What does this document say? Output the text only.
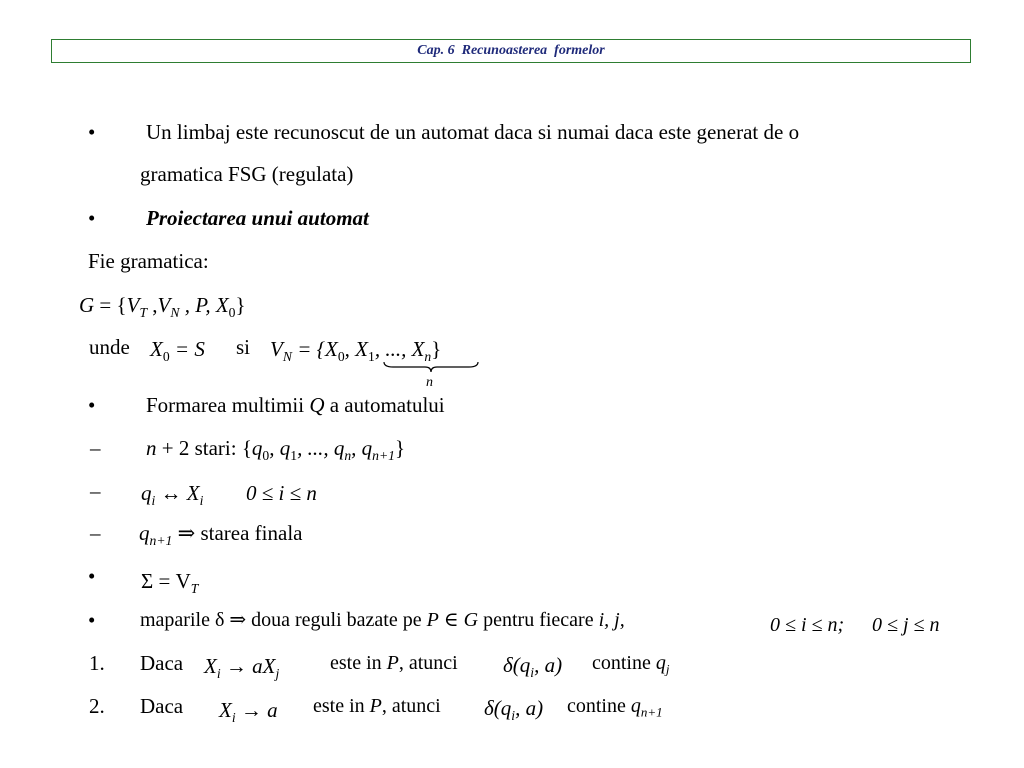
Cap. 6  Recunoasterea  formelor
• Un limbaj este recunoscut de un automat daca si numai daca este generat de o
gramatica FSG (regulata)
• Proiectarea unui automat
Fie gramatica:
$G = \{V_T$ $,V_N$ , P, $X_0$}
unde $X_0 = S$ si $V_N = \{X_0$, $X_1$, ..., $X_n$}
n
• Formarea multimii Q a automatului
– n + 2 stari: {$q_0$, $q_1$, ..., $q_n$, $q_{n+1}$}
– $q_i$ ↔ $X_i$ 0 ≤ i ≤ n
– $q_{n+1}$ ⇒ starea finala
• $\Sigma = V_T$
• maparile δ ⇒ doua reguli bazate pe P ∈ G pentru fiecare i, j,	0 ≤ i ≤ n; 0 ≤ j ≤ n
1. Daca $X_i \to aX_j$	este in P, atunci $\delta(q_i$, a) contine $q_j$
2. Daca $X_i \to a$ este in P, atunci $\delta(q_i$, a) contine $q_{n+1}$
